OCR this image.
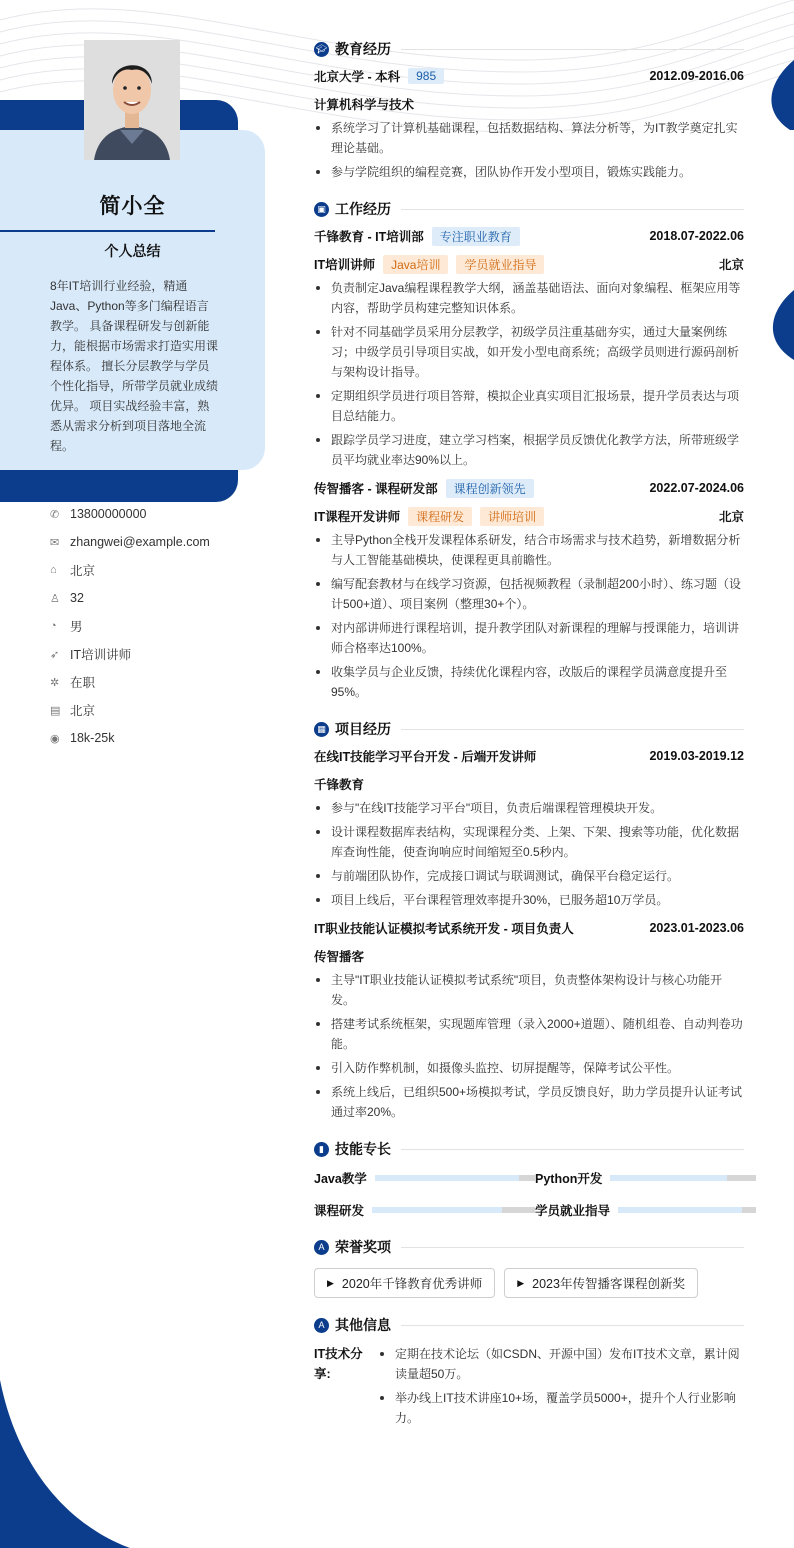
简小全
个人总结
8年IT培训行业经验，精通Java、Python等多门编程语言教学。 具备课程研发与创新能力，能根据市场需求打造实用课程体系。 擅长分层教学与学员个性化指导，所带学员就业成绩优异。 项目实战经验丰富，熟悉从需求分析到项目落地全流程。
✆ 13800000000
✉ zhangwei@example.com
⌂	北京
♙ 32
◔	男
➶ IT培训讲师
✲ 在职
▤ 北京
◉ 18k-25k
🎓︎ 教育经历
北京大学 - 本科	985	2012.09-2016.06
计算机科学与技术
系统学习了计算机基础课程，包括数据结构、算法分析等，为IT教学奠定扎实理论基础。
参与学院组织的编程竞赛，团队协作开发小型项目，锻炼实践能力。
▣ 工作经历
千锋教育 - IT培训部	专注职业教育	2018.07-2022.06
IT培训讲师	Java培训	学员就业指导	北京
负责制定Java编程课程教学大纲，涵盖基础语法、面向对象编程、框架应用等内容，帮助学员构建完整知识体系。
针对不同基础学员采用分层教学，初级学员注重基础夯实，通过大量案例练习；中级学员引导项目实战，如开发小型电商系统；高级学员则进行源码剖析与架构设计指导。
定期组织学员进行项目答辩，模拟企业真实项目汇报场景，提升学员表达与项目总结能力。
跟踪学员学习进度，建立学习档案，根据学员反馈优化教学方法，所带班级学员平均就业率达90%以上。
传智播客 - 课程研发部	课程创新领先	2022.07-2024.06
IT课程开发讲师	课程研发	讲师培训	北京
主导Python全栈开发课程体系研发，结合市场需求与技术趋势，新增数据分析与人工智能基础模块，使课程更具前瞻性。
编写配套教材与在线学习资源，包括视频教程（录制超200小时）、练习题（设计500+道）、项目案例（整理30+个）。
对内部讲师进行课程培训，提升教学团队对新课程的理解与授课能力，培训讲师合格率达100%。
收集学员与企业反馈，持续优化课程内容，改版后的课程学员满意度提升至95%。
▦ 项目经历
在线IT技能学习平台开发 - 后端开发讲师	2019.03-2019.12
千锋教育
参与"在线IT技能学习平台"项目，负责后端课程管理模块开发。
设计课程数据库表结构，实现课程分类、上架、下架、搜索等功能，优化数据库查询性能，使查询响应时间缩短至0.5秒内。
与前端团队协作，完成接口调试与联调测试，确保平台稳定运行。
项目上线后，平台课程管理效率提升30%，已服务超10万学员。
IT职业技能认证模拟考试系统开发 - 项目负责人	2023.01-2023.06
传智播客
主导"IT职业技能认证模拟考试系统"项目，负责整体架构设计与核心功能开发。
搭建考试系统框架，实现题库管理（录入2000+道题）、随机组卷、自动判卷功能。
引入防作弊机制，如摄像头监控、切屏提醒等，保障考试公平性。
系统上线后，已组织500+场模拟考试，学员反馈良好，助力学员提升认证考试通过率20%。
▮ 技能专长
Java教学	Python开发
课程研发	学员就业指导
A 荣誉奖项
▶ 2020年千锋教育优秀讲师	▶ 2023年传智播客课程创新奖
A 其他信息
IT技术分享:
定期在技术论坛（如CSDN、开源中国）发布IT技术文章，累计阅读量超50万。
举办线上IT技术讲座10+场，覆盖学员5000+，提升个人行业影响力。
